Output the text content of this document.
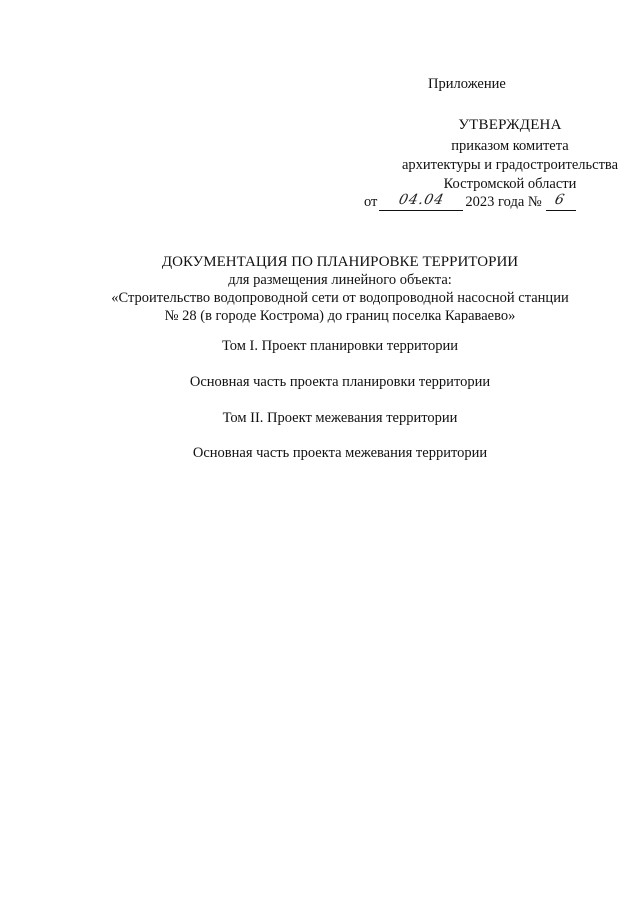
Приложение
УТВЕРЖДЕНА
приказом комитета
архитектуры и градостроительства
Костромской области
от 04.04 2023 года № 6
ДОКУМЕНТАЦИЯ ПО ПЛАНИРОВКЕ ТЕРРИТОРИИ
для размещения линейного объекта:
«Строительство водопроводной сети от водопроводной насосной станции
№ 28 (в городе Кострома) до границ поселка Караваево»
Том I. Проект планировки территории
Основная часть проекта планировки территории
Том II. Проект межевания территории
Основная часть проекта межевания территории
